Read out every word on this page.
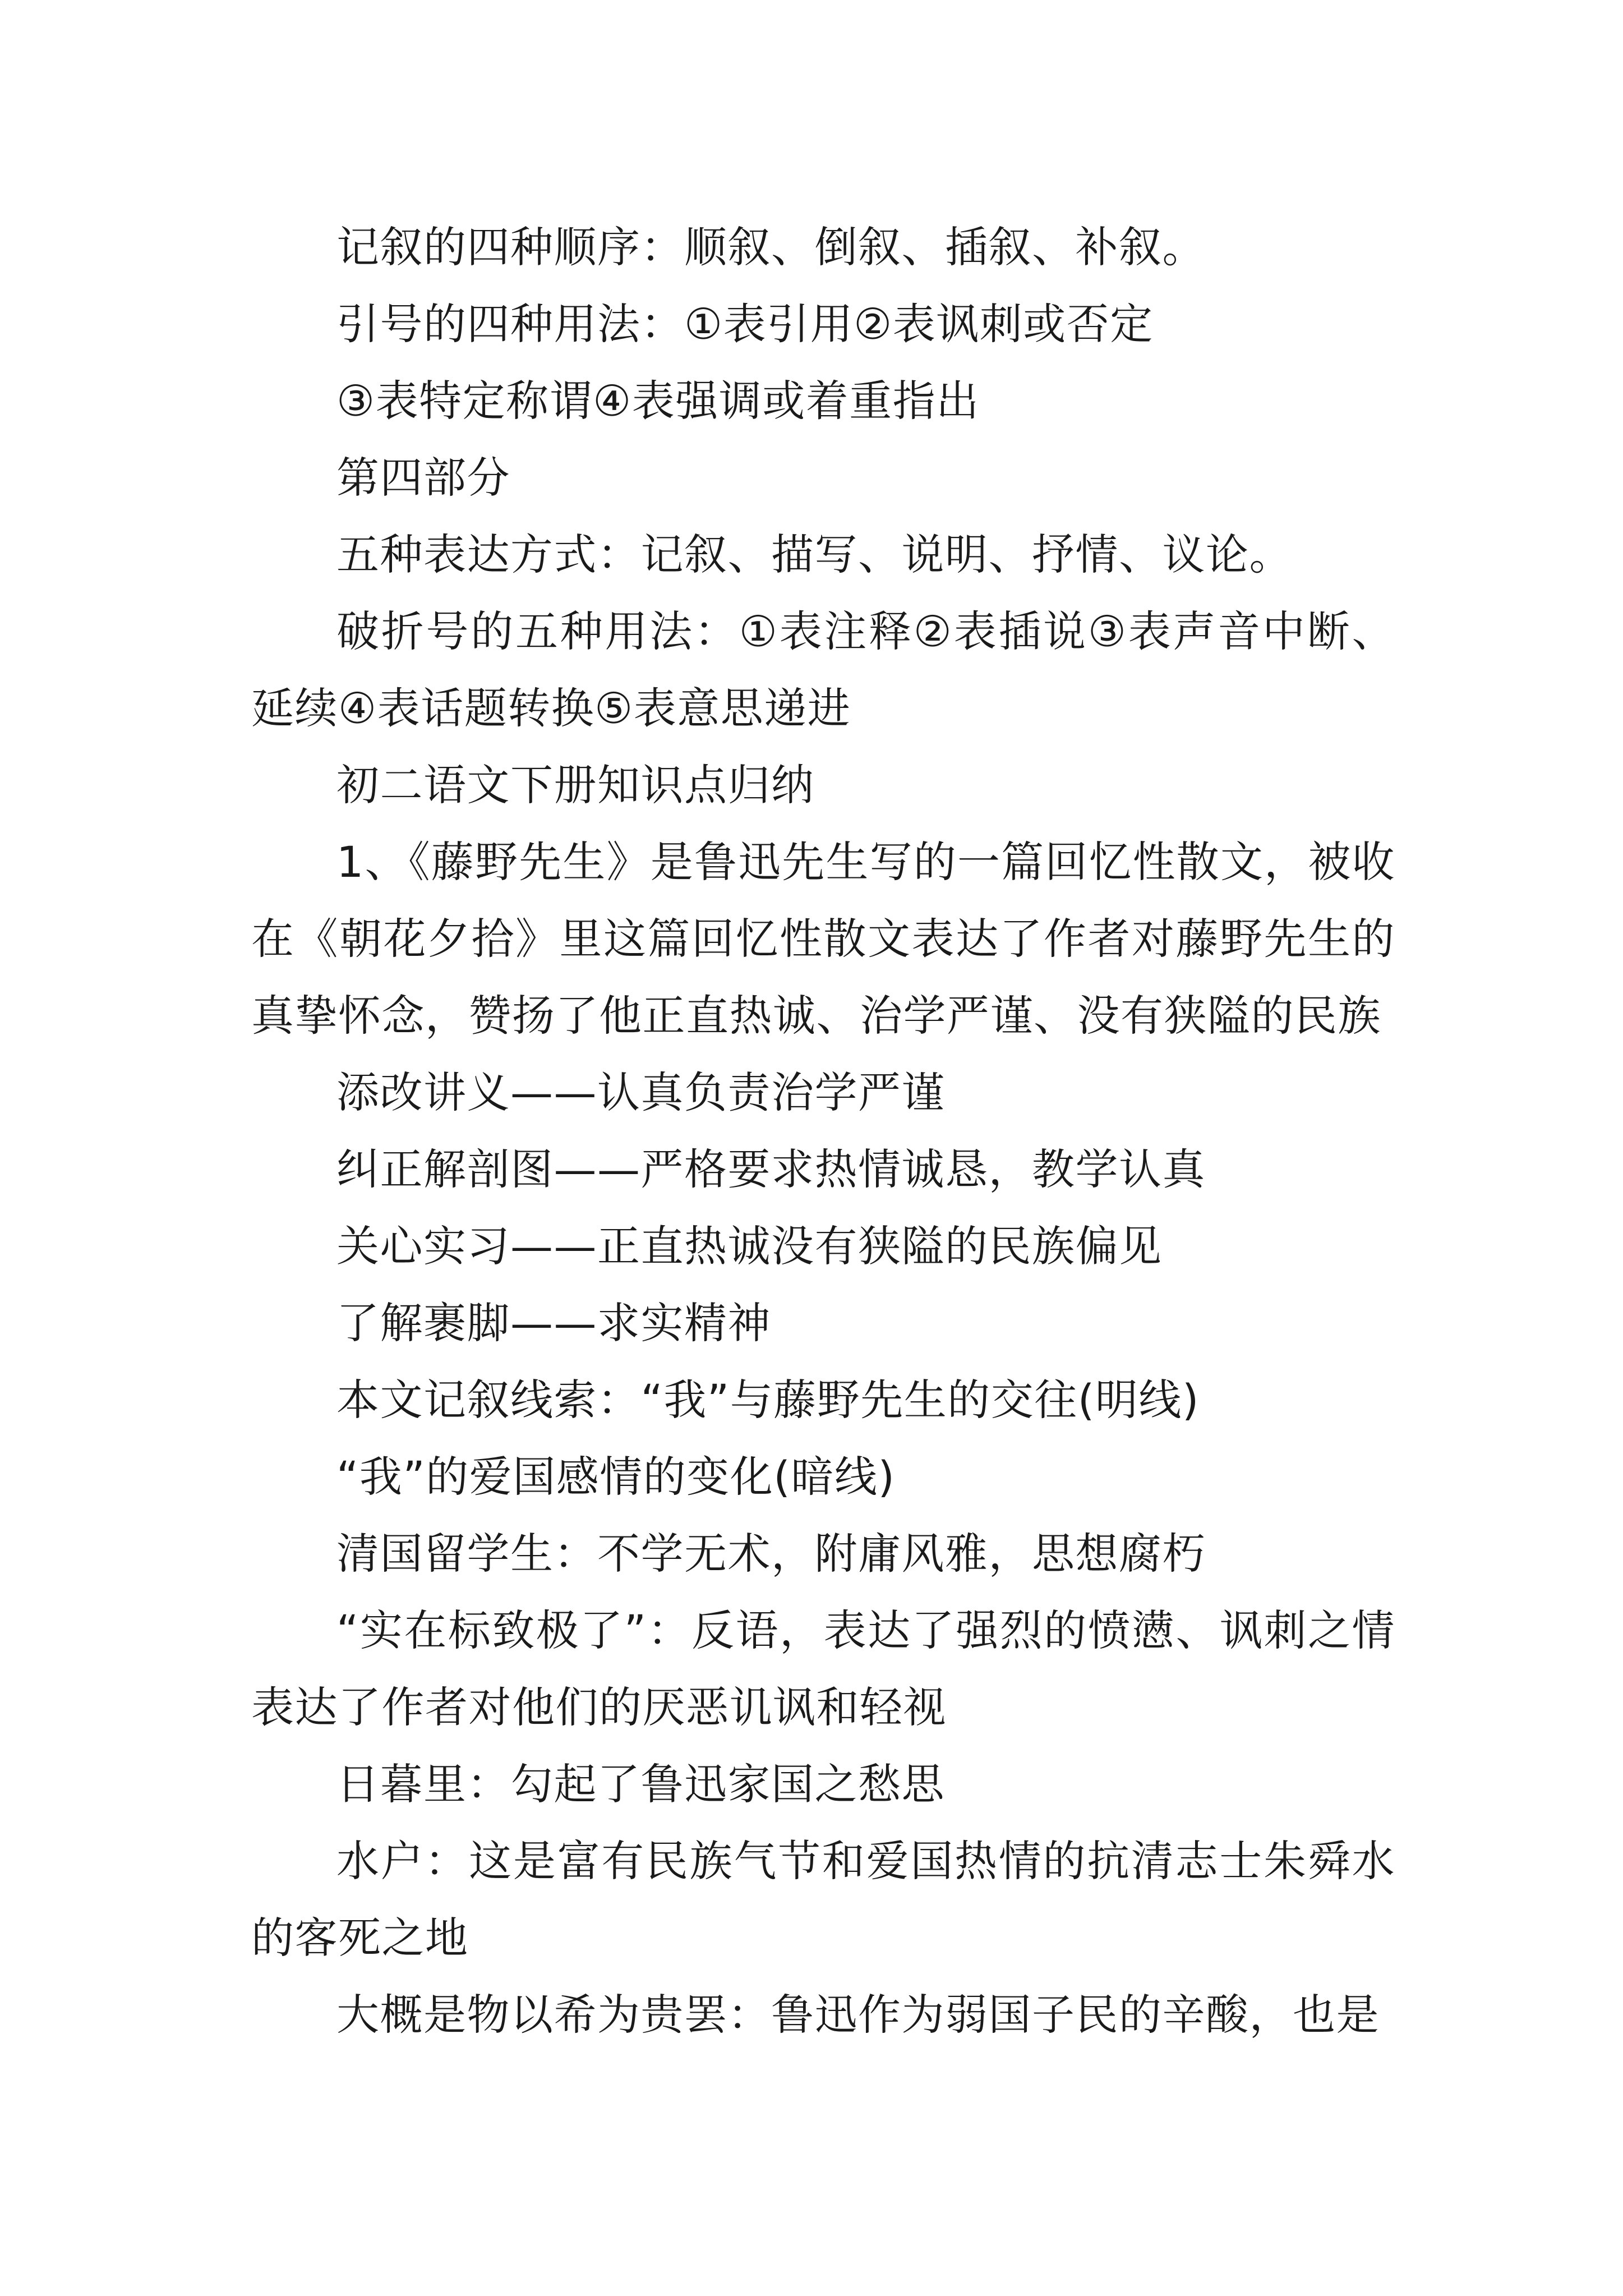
记叙的四种顺序：顺叙、倒叙、插叙、补叙。

引号的四种用法：①表引用②表讽刺或否定

③表特定称谓④表强调或着重指出

第四部分

五种表达方式：记叙、描写、说明、抒情、议论。

破折号的五种用法：①表注释②表插说③表声音中断、延续④表话题转换⑤表意思递进

初二语文下册知识点归纳

1、《藤野先生》是鲁迅先生写的一篇回忆性散文，被收在《朝花夕拾》里这篇回忆性散文表达了作者对藤野先生的真挚怀念，赞扬了他正直热诚、治学严谨、没有狭隘的民族

添改讲义——认真负责治学严谨

纠正解剖图——严格要求热情诚恳，教学认真

关心实习——正直热诚没有狭隘的民族偏见

了解裹脚——求实精神

本文记叙线索：“我”与藤野先生的交往(明线)

“我”的爱国感情的变化(暗线)

清国留学生：不学无术，附庸风雅，思想腐朽

“实在标致极了”：反语，表达了强烈的愤懑、讽刺之情表达了作者对他们的厌恶讥讽和轻视

日暮里：勾起了鲁迅家国之愁思

水户：这是富有民族气节和爱国热情的抗清志士朱舜水的客死之地

大概是物以希为贵罢：鲁迅作为弱国子民的辛酸，也是
